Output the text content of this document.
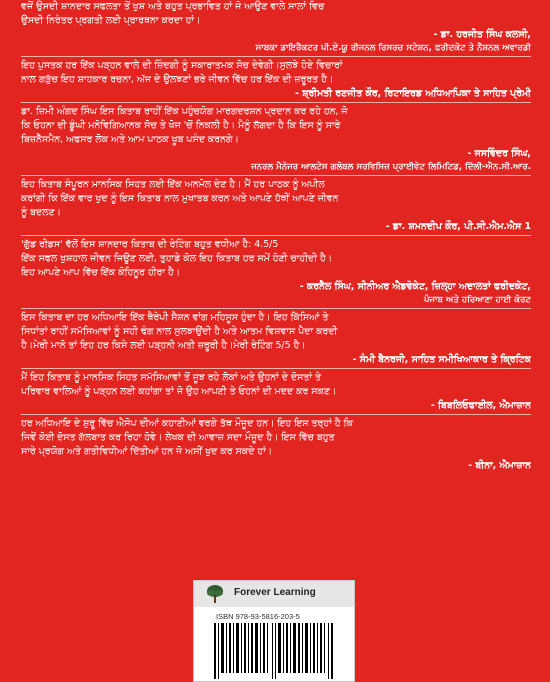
ਵਜੋਂ ਉਸਦੀ ਸ਼ਾਨਦਾਰ ਸਫਲਤਾ ਤੋਂ ਖੁਸ਼ ਅਤੇ ਬਹੁਤ ਪ੍ਰਭਾਵਿਤ ਹਾਂ ਜੋ ਆਉਣ ਵਾਲੇ ਸਾਲਾਂ ਵਿਚ

ਉਸਦੀ ਨਿਰੰਤਰ ਪ੍ਰਗਤੀ ਲਈ ਪ੍ਰਾਰਥਨਾ ਕਰਦਾ ਹਾਂ।

- ਡਾ. ਹਰਜੀਤ ਸਿੰਘ ਕਲਸੀ,

ਸਾਬਕਾ ਡਾਇਰੈਕਟਰ ਪੀ.ਏ.ਯੂ ਰੀਜਨਲ ਰਿਸਰਚ ਸਟੇਸ਼ਨ, ਫਰੀਦਕੋਟ ਤੇ ਨੈਸ਼ਨਲ ਅਵਾਰਡੀ

ਇਹ ਪੁਸਤਕ ਹਰ ਇੱਕ ਪੜ੍ਹਨ ਵਾਲੇ ਦੀ ਜ਼ਿੰਦਗੀ ਨੂੰ ਸਕਾਰਾਤਮਕ ਸੋਚ ਦੇਵੇਗੀ।ਸੁਲਝੇ ਹੋਏ ਵਿਚਾਰਾਂ

ਨਾਲ ਗੜੁੱਚ ਇਹ ਸ਼ਾਹਕਾਰ ਰਚਨਾ, ਅੱਜ ਦੇ ਉਲਝਣਾਂ ਭਰੇ ਜੀਵਨ ਵਿੱਚ ਹਰ ਇੱਕ ਦੀ ਜ਼ਰੂਰਤ ਹੈ।

- ਸ਼੍ਰੀਮਤੀ ਰਣਜੀਤ ਕੌਰ, ਰਿਟਾਇਰਡ ਅਧਿਆਪਿਕਾ ਤੇ ਸਾਹਿਤ ਪ੍ਰੇਮੀ

ਡਾ. ਜ਼ਿਮੀ ਅੰਗਦ ਸਿੰਘ ਇਸ ਕਿਤਾਬ ਰਾਹੀਂ ਇੱਕ ਪਹੁੰਚਯੋਗ ਮਾਰਗਦਰਸ਼ਨ ਪ੍ਰਦਾਨ ਕਰ ਰਹੇ ਹਨ, ਜੋ

ਕਿ ਓਹਨਾ ਦੀ ਡੂੰਘੀ ਮਨੋਵਿਗਿਆਨਕ ਸੋਚ ਤੇ ਖੋਜ 'ਚੋਂ ਨਿਕਲੀ ਹੈ। ਮੈਨੂੰ ਲੱਗਦਾ ਹੈ ਕਿ ਇਸ ਨੂੰ ਸਾਰੇ

ਬਿਜ਼ਨੈੱਸਮੈਨ, ਅਫਸਰ ਲੋਕ ਅਤੇ ਆਮ ਪਾਠਕ ਖੂਬ ਪਸੰਦ ਕਰਨਗੇ।

- ਜਸਵਿੰਦਰ ਸਿੰਘ,

ਜਨਰਲ ਮੈਨੇਜਰ ਆਲਟੇਸ ਗਲੋਬਲ ਸਰਵਿਸਿਜ਼ ਪ੍ਰਾਈਵੇਟ ਲਿਮਿਟਿਡ, ਦਿੱਲੀ-ਐਨ.ਸੀ.ਆਰ.

ਇਹ ਕਿਤਾਬ ਸੰਪੂਰਨ ਮਾਨਸਿਕ ਸਿਹਤ ਲਈ ਇੱਕ ਅਨਮੋਲ ਦੇਣ ਹੈ। ਮੈਂ ਹਰ ਪਾਠਕ ਨੂੰ ਅਪੀਲ

ਕਰਾਂਗੀ ਕਿ ਇੱਕ ਵਾਰ ਖੁਦ ਨੂੰ ਇਸ ਕਿਤਾਬ ਨਾਲ ਮੁਖਾਤਬ ਕਰਨ ਅਤੇ ਆਪਣੇ ਹੱਥੀਂ ਆਪਣੇ ਜੀਵਨ

ਨੂੰ ਬਦਲਣ।

- ਡਾ. ਸ਼ਮਨਦੀਪ ਕੌਰ, ਪੀ.ਸੀ.ਐਮ.ਐਸ 1

'ਗੁੱਡ ਰੀਡਸ' ਵੱਲੋਂ ਇਸ ਸ਼ਾਨਦਾਰ ਕਿਤਾਬ ਦੀ ਰੇਟਿੰਗ ਬਹੁਤ ਵਧੀਆ ਹੈ: 4.5/5

ਇੱਕ ਸਫਲ ਖੁਸ਼ਹਾਲ ਜੀਵਨ ਜਿਊਣ ਲਈ, ਤੁਹਾਡੇ ਕੋਲ ਇਹ ਕਿਤਾਬ ਹਰ ਸਮੇਂ ਹੋਣੀ ਚਾਹੀਦੀ ਹੈ।

ਇਹ ਆਪਣੇ ਆਪ ਵਿੱਚ ਇੱਕ ਕੋਹਿਨੂਰ ਹੀਰਾ ਹੈ।

- ਕਰਨੈਲ ਸਿੰਘ, ਸੀਨੀਅਰ ਐਡਵੋਕੇਟ, ਜ਼ਿਲ੍ਹਾ ਅਦਾਲਤਾਂ ਫਰੀਦਕੋਟ,

ਪੰਜਾਬ ਅਤੇ ਹਰਿਆਣਾ ਹਾਈ ਕੋਰਟ

ਇਸ ਕਿਤਾਬ ਦਾ ਹਰ ਅਧਿਆਇ ਇੱਕ ਥੈਰੇਪੀ ਸੈਸ਼ਨ ਵਾਂਗ ਮਹਿਸੂਸ ਹੁੰਦਾ ਹੈ। ਇਹ ਕਿੱਸਿਆਂ ਤੇ

ਸਿਧਾਂਤਾਂ ਰਾਹੀਂ ਸਮੱਸਿਆਵਾਂ ਨੂੰ ਸਹੀ ਢੰਗ ਨਾਲ ਸੁਲਝਾਉਂਦੀ ਹੈ ਅਤੇ ਆਤਮ ਵਿਸ਼ਵਾਸ ਪੈਦਾ ਕਰਦੀ

ਹੈ।ਮੇਰੀ ਮਾਨੋ ਤਾਂ ਇਹ ਹਰ ਕਿਸੇ ਲਈ ਪੜ੍ਹਨੀ ਅਤੀ ਜ਼ਰੂਰੀ ਹੈ।ਮੇਰੀ ਰੇਟਿੰਗ 5/5 ਹੈ।

- ਸੰਮੀ ਬੈਨਰਜੀ, ਸਾਹਿਤ ਸਮੀਖਿਆਕਾਰ ਤੇ ਕ੍ਰਿਟਿਕ

ਮੈਂ ਇਹ ਕਿਤਾਬ ਨੂੰ ਮਾਨਸਿਕ ਸਿਹਤ ਸਮੱਸਿਆਵਾਂ ਤੋਂ ਜੂਝ ਰਹੇ ਲੋਕਾਂ ਅਤੇ ਉਹਨਾਂ ਦੇ ਦੋਸਤਾਂ ਤੇ

ਪਰਿਵਾਰ ਵਾਲਿਆਂ ਨੂੰ ਪੜ੍ਹਨ ਲਈ ਕਹਾਂਗਾ ਤਾਂ ਜੋ ਉਹ ਆਪਣੀ ਤੇ ਓਹਨਾਂ ਦੀ ਮਦਦ ਕਰ ਸਕਣ।

- ਬਿਬਲਿਓਫਾਈਲ, ਐਮਾਜ਼ਾਨ

ਹਰ ਅਧਿਆਇ ਦੇ ਸ਼ੁਰੂ ਵਿੱਚ ਐਸੋਪ ਦੀਆਂ ਕਹਾਣੀਆਂ ਵਰਗੇ ਤੱਥ ਮੌਜੂਦ ਹਨ। ਇਹ ਇਸ ਤਰ੍ਹਾਂ ਹੈ ਕਿ

ਜਿਵੇਂ ਕੋਈ ਦੋਸਤ ਗੱਲਬਾਤ ਕਰ ਰਿਹਾ ਹੋਵੇ। ਲੇਖਕ ਦੀ ਆਵਾਜ਼ ਸਦਾ ਮੌਜੂਦ ਹੈ। ਇਸ ਵਿੱਚ ਬਹੁਤ

ਸਾਰੇ ਪ੍ਰਯੋਗ ਅਤੇ ਗਤੀਵਿਧੀਆਂ ਦਿੱਤੀਆਂ ਹਨ ਜੋ ਅਸੀਂ ਖੁਦ ਕਰ ਸਕਦੇ ਹਾਂ।

- ਬੀਨਾ, ਐਮਾਜ਼ਾਨ

Forever Learning
ISBN 978-93-5816-203-5
